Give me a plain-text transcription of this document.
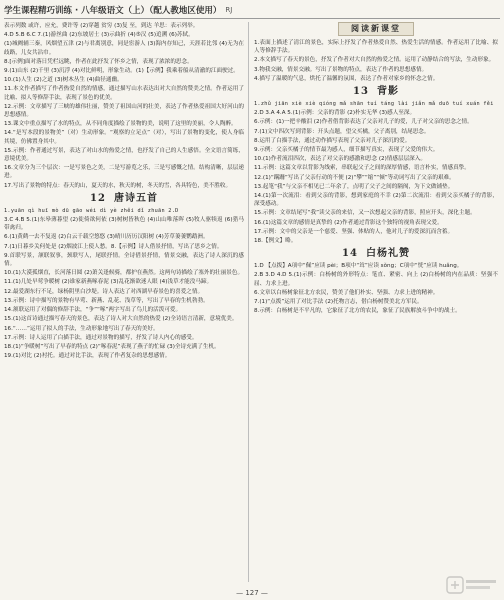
学生课程精巧训练 · 八年级语文（上）（配人教地区使用） RJ

表示列数 或许，应允，费许等 (2)穿越 贫穷 (3)复 至，到达 羊思：表示列举。

4.D 5.B 6.C 7.(1)游丝曲 (2)东坡居士 (3)示曲折 (4)⑤汉 (5)追溯 (6)苏轼。

(1)城阙辅三秦，风烟望五津 (2)与君离别意，同是宦游人 (3)海内存知己，天涯若比邻 (4)无为在歧路，儿女共沾巾。

8.[示例]面对落日凭栏远眺，作者在此抒发了怀乡之情，表现了浓浓的思念。

9.(1)山东 (2)千里 (3)沉浮 (4)对比鲜明，形象生动。(1)【示例】我乘着船从清澈的江面驶过。

10.(1)人生 (2)之道 (3)树木丛生 (4)曲径通幽。

11.本文作者描写了作者热爱自然的情感，通过描写山水表达出对大自然的赞美之情。作者运用了比喻、拟人等修辞手法，表现了景色的优美。

12.示例：文章描写了三峡的雄伟壮丽，赞美了祖国山河的壮美，表达了作者热爱祖国大好河山的思想感情。

13.课文中重点描写了水的特点，从不同角度描绘了景物的美，说明了这里的美丽，令人陶醉。

14.“是写本段的景物美”（对）生动形象。“观察的立足点”（对），写出了景物的变化，使人身临其境，仿佛置身其中。

15.示例：作者通过写景，表达了对山水的热爱之情，也抒发了自己的人生感悟。全文语言简练，意境优美。

16.文章分为三个层次：一是写景色之美，二是写游览之乐，三是写感慨之情。结构清晰，层层递进。

17.写出了景物的特点：春天的山，夏天的水，秋天的树，冬天的雪，各具特色，美不胜收。

12 唐诗五首

1.yuān qì huī mò dū gāo wéi dì yè zhěi dǐ zhuān 2.D

3.C 4.B 5.(1)东皋薄暮望 (2)徙倚欲何依 (3)树树皆秋色 (4)山山唯落晖 (5)牧人驱犊返 (6)猎马带禽归。

6.(1)黄鹤一去不复返 (2)白云千载空悠悠 (3)晴川历历汉阳树 (4)芳草萋萋鹦鹉洲。

7.(1)日暮乡关何处是 (2)烟波江上使人愁。8.【示例】诗人借景抒情，写出了思乡之情。

9.首联写景，颔联叙事，颈联写人，尾联抒情。全诗借景抒情，情景交融，表达了诗人深沉的感情。

10.(1)大漠孤烟直，长河落日圆 (2)萧关逢候骑，都护在燕然。这两句诗描绘了塞外的壮丽景色。

11.(1)几处早莺争暖树 (2)谁家新燕啄春泥 (3)乱花渐欲迷人眼 (4)浅草才能没马蹄。

12.最爱湖东行不足，绿杨阴里白沙堤。诗人表达了对西湖早春景色的喜爱之情。

13.示例：诗中描写的景物有早莺、新燕、乱花、浅草等，写出了早春的生机勃勃。

14.颔联运用了对偶的修辞手法，“争”“啄”两字写出了鸟儿的活泼可爱。

15.(1)这首诗通过描写春天的景色，表达了诗人对大自然的热爱 (2)全诗语言清新，意境优美。

16.“……”运用了拟人的手法，生动形象地写出了春天的美好。

17.示例：诗人运用了白描手法，通过对景物的描写，抒发了诗人内心的感受。

18.(1)“争暖树”写出了早春的特点 (2)“啄春泥”表现了燕子的忙碌 (3)全诗充满了生机。

19.(1)对比 (2)衬托。通过对比手法，表现了作者复杂的思想感情。

阅读新课堂

1.表面上描述了清江的景色，实际上抒发了作者热爱自然、热爱生活的情感。作者运用了比喻、拟人等修辞手法。

2.本文描写了春天的景色，抒发了作者对大自然的热爱之情。运用了动静结合的写法，生动形象。

3.物我交融，情景交融。写出了景物的特点，表达了作者的思想感情。

4.描写了温暖的气息，烘托了温馨的氛围，表达了作者对家乡的怀念之情。

13 背影

1.zhǔ jiān xiè xiè qióng mǎ shān tuí táng lài jiǎn mǎ duō tuí xuán fěi

2.D 3.A 4.A 5.(1)示例：父亲的背影 (2)朴实无华 (3)感人至深。

6.示例：(1)一把辛酸泪 (2)作者借背影表达了父亲对儿子的爱，儿子对父亲的思念之情。

7.(1)文中四次写到背影：开头点题，望父买橘，父子离别，结尾思念。

8.运用了白描手法，通过动作描写表现了父亲对儿子深沉的爱。

9.示例：父亲买橘子的情节最为感人，细节描写真实，表现了父爱的伟大。

10.(1)作者流泪四次，表达了对父亲的感激和思念 (2)情感层层深入。

11.示例：这篇文章以背影为线索，串联起父子之间的深厚情感，语言朴实，情感真挚。

12.(1)“蹒跚”写出了父亲行动的不便 (2)“攀”“缩”“倾”等动词写出了父亲的艰难。

13.起笔“我”与父亲不相见已二年余了，点明了父子之间的隔阂，为下文做铺垫。

14.(1)第一次流泪：看到父亲的背影，想到家庭的不幸 (2)第二次流泪：看到父亲买橘子的背影，深受感动。

15.示例：文章结尾写“我”读父亲的来信，又一次想起父亲的背影，照应开头，深化主题。

16.(1)这篇文章的感情是真挚的 (2)作者通过背影这个独特的视角表现父爱。

17.示例：文中的父亲是一个慈爱、坚强、体贴的人，他对儿子的爱深沉而含蓄。

18.【例文】略。

14 白杨礼赞

1.D 【点拨】A项中“佩”应读 pèi；B项中“耸”应读 sǒng；C项中“恍”应读 huǎng。

2.B 3.D 4.D 5.(1)示例：白杨树的外形特点：笔直、紧密、向上 (2)白杨树的内在品质：坚强不屈、力求上进。

6.文章以白杨树象征北方农民，赞美了他们朴实、坚强、力求上进的精神。

7.(1)“点拨”运用了对比手法 (2)托物言志，借白杨树赞美北方军民。

8.示例：白杨树是不平凡的，它象征了北方的农民，象征了民族解放斗争中的战士。

— 127 —
